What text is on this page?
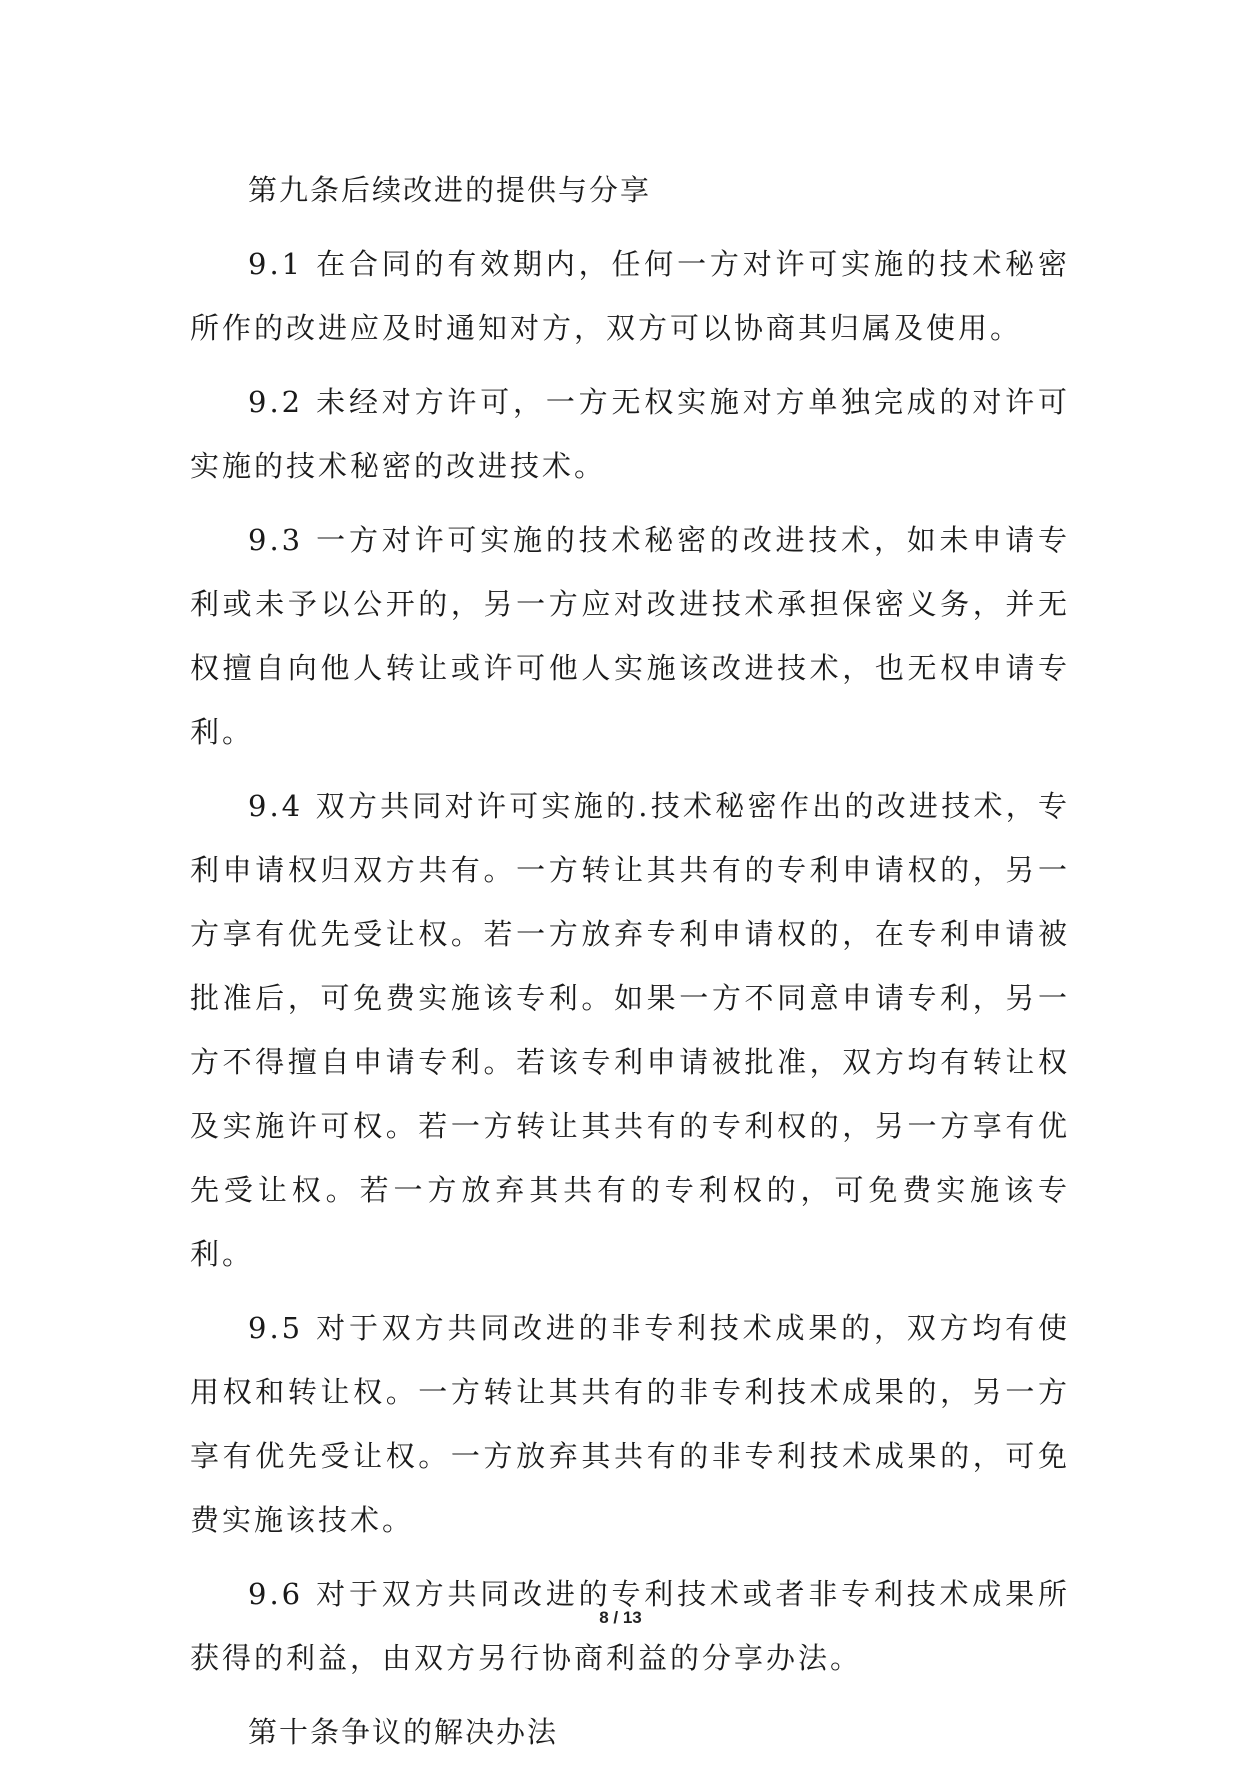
第九条后续改进的提供与分享

9.1 在合同的有效期内，任何一方对许可实施的技术秘密所作的改进应及时通知对方，双方可以协商其归属及使用。

9.2 未经对方许可，一方无权实施对方单独完成的对许可实施的技术秘密的改进技术。

9.3 一方对许可实施的技术秘密的改进技术，如未申请专利或未予以公开的，另一方应对改进技术承担保密义务，并无权擅自向他人转让或许可他人实施该改进技术，也无权申请专利。

9.4 双方共同对许可实施的.技术秘密作出的改进技术，专利申请权归双方共有。一方转让其共有的专利申请权的，另一方享有优先受让权。若一方放弃专利申请权的，在专利申请被批准后，可免费实施该专利。如果一方不同意申请专利，另一方不得擅自申请专利。若该专利申请被批准，双方均有转让权及实施许可权。若一方转让其共有的专利权的，另一方享有优先受让权。若一方放弃其共有的专利权的，可免费实施该专利。

9.5 对于双方共同改进的非专利技术成果的，双方均有使用权和转让权。一方转让其共有的非专利技术成果的，另一方享有优先受让权。一方放弃其共有的非专利技术成果的，可免费实施该技术。

9.6 对于双方共同改进的专利技术或者非专利技术成果所获得的利益，由双方另行协商利益的分享办法。

第十条争议的解决办法

8 / 13
